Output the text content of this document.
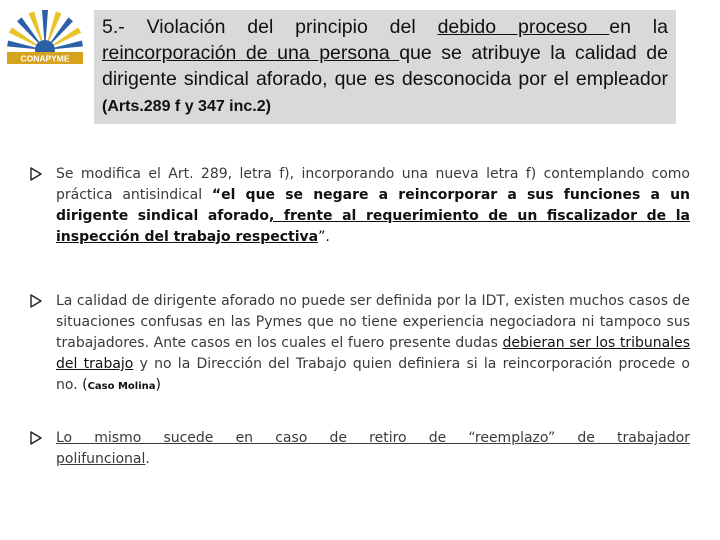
CONAPYME
5.- Violación del principio del debido proceso en la reincorporación de una persona que se atribuye la calidad de dirigente sindical aforado, que es desconocida por el empleador (Arts.289 f y 347 inc.2)
Se modifica el Art. 289, letra f), incorporando una nueva letra f) contemplando como práctica antisindical “el que se negare a reincorporar a sus funciones a un dirigente sindical aforado, frente al requerimiento de un fiscalizador de la inspección del trabajo respectiva”.
La calidad de dirigente aforado no puede ser definida por la IDT, existen muchos casos de situaciones confusas en las Pymes que no tiene experiencia negociadora ni tampoco sus trabajadores. Ante casos en los cuales el fuero presente dudas debieran ser los tribunales del trabajo y no la Dirección del Trabajo quien definiera si la reincorporación procede o no. (Caso Molina)
Lo mismo sucede en caso de retiro de “reemplazo” de trabajador polifuncional.
